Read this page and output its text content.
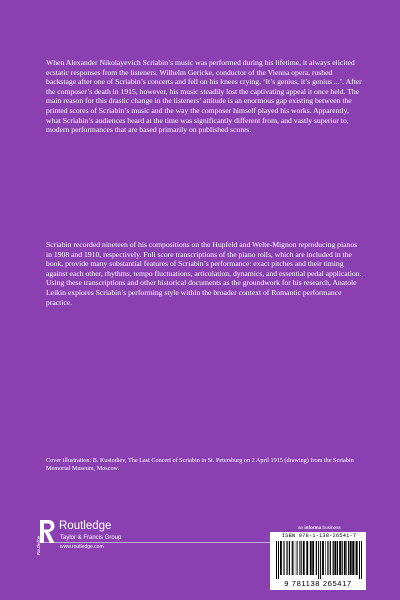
When Alexander Nikolayevich Scriabin’s music was performed during his lifetime, it always elicited ecstatic responses from the listeners. Wilhelm Gericke, conductor of the Vienna opera, rushed backstage after one of Scriabin’s concerts and fell on his knees crying, ‘It’s genius, it’s genius ...’. After the composer’s death in 1915, however, his music steadily lost the captivating appeal it once held. The main reason for this drastic change in the listeners’ attitude is an enormous gap existing between the printed scores of Scriabin’s music and the way the composer himself played his works. Apparently, what Scriabin’s audiences heard at the time was significantly different from, and vastly superior to, modern performances that are based primarily on published scores.

Scriabin recorded nineteen of his compositions on the Hupfeld and Welte-Mignon reproducing pianos in 1908 and 1910, respectively. Full score transcriptions of the piano rolls, which are included in the book, provide many substantial features of Scriabin’s performance: exact pitches and their timing against each other, rhythms, tempo fluctuations, articulation, dynamics, and essential pedal application. Using these transcriptions and other historical documents as the groundwork for his research, Anatole Leikin explores Scriabin’s performing style within the broader context of Romantic performance practice.

Cover illustration: B. Kustodiev, The Last Concert of Scriabin in St. Petersburg on 2 April 1915 (drawing) from the Scriabin Memorial Museum, Moscow.

an informa business
Routledge
Routledge
Taylor & Francis Group
www.routledge.com
ISBN 978-1-138-26541-7
9 781138 265417
